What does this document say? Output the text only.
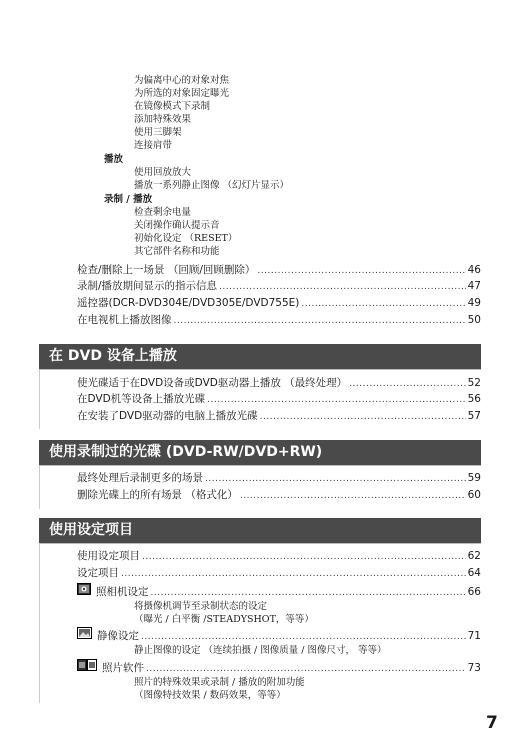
为偏离中心的对象对焦
为所选的对象固定曝光
在镜像模式下录制
添加特殊效果
使用三脚架
连接肩带
播放
使用回放放大
播放一系列静止图像 （幻灯片显示）
录制 / 播放
检查剩余电量
关闭操作确认提示音
初始化设定 （RESET）
其它部件名称和功能
检查/删除上一场景 （回顾/回顾删除） .....	46
录制/播放期间显示的指示信息 .....	47
遥控器(DCR-DVD304E/DVD305E/DVD755E) .....	49
在电视机上播放图像 .....	50
在 DVD 设备上播放
使光碟适于在DVD设备或DVD驱动器上播放 （最终处理） .....	52
在DVD机等设备上播放光碟 .....	56
在安装了DVD驱动器的电脑上播放光碟 .....	57
使用录制过的光碟 (DVD-RW/DVD+RW)
最终处理后录制更多的场景 .....	59
删除光碟上的所有场景 （格式化） .....	60
使用设定项目
使用设定项目 .....	62
设定项目 .....	64
照相机设定 .....	66
将摄像机调节至录制状态的设定
（曝光 / 白平衡 /STEADYSHOT，等等）
静像设定 .....	71
静止图像的设定 （连续拍摄 / 图像质量 / 图像尺寸， 等等）
照片软件 .....	73
照片的特殊效果或录制 / 播放的附加功能
（图像特技效果 / 数码效果，等等）
7
